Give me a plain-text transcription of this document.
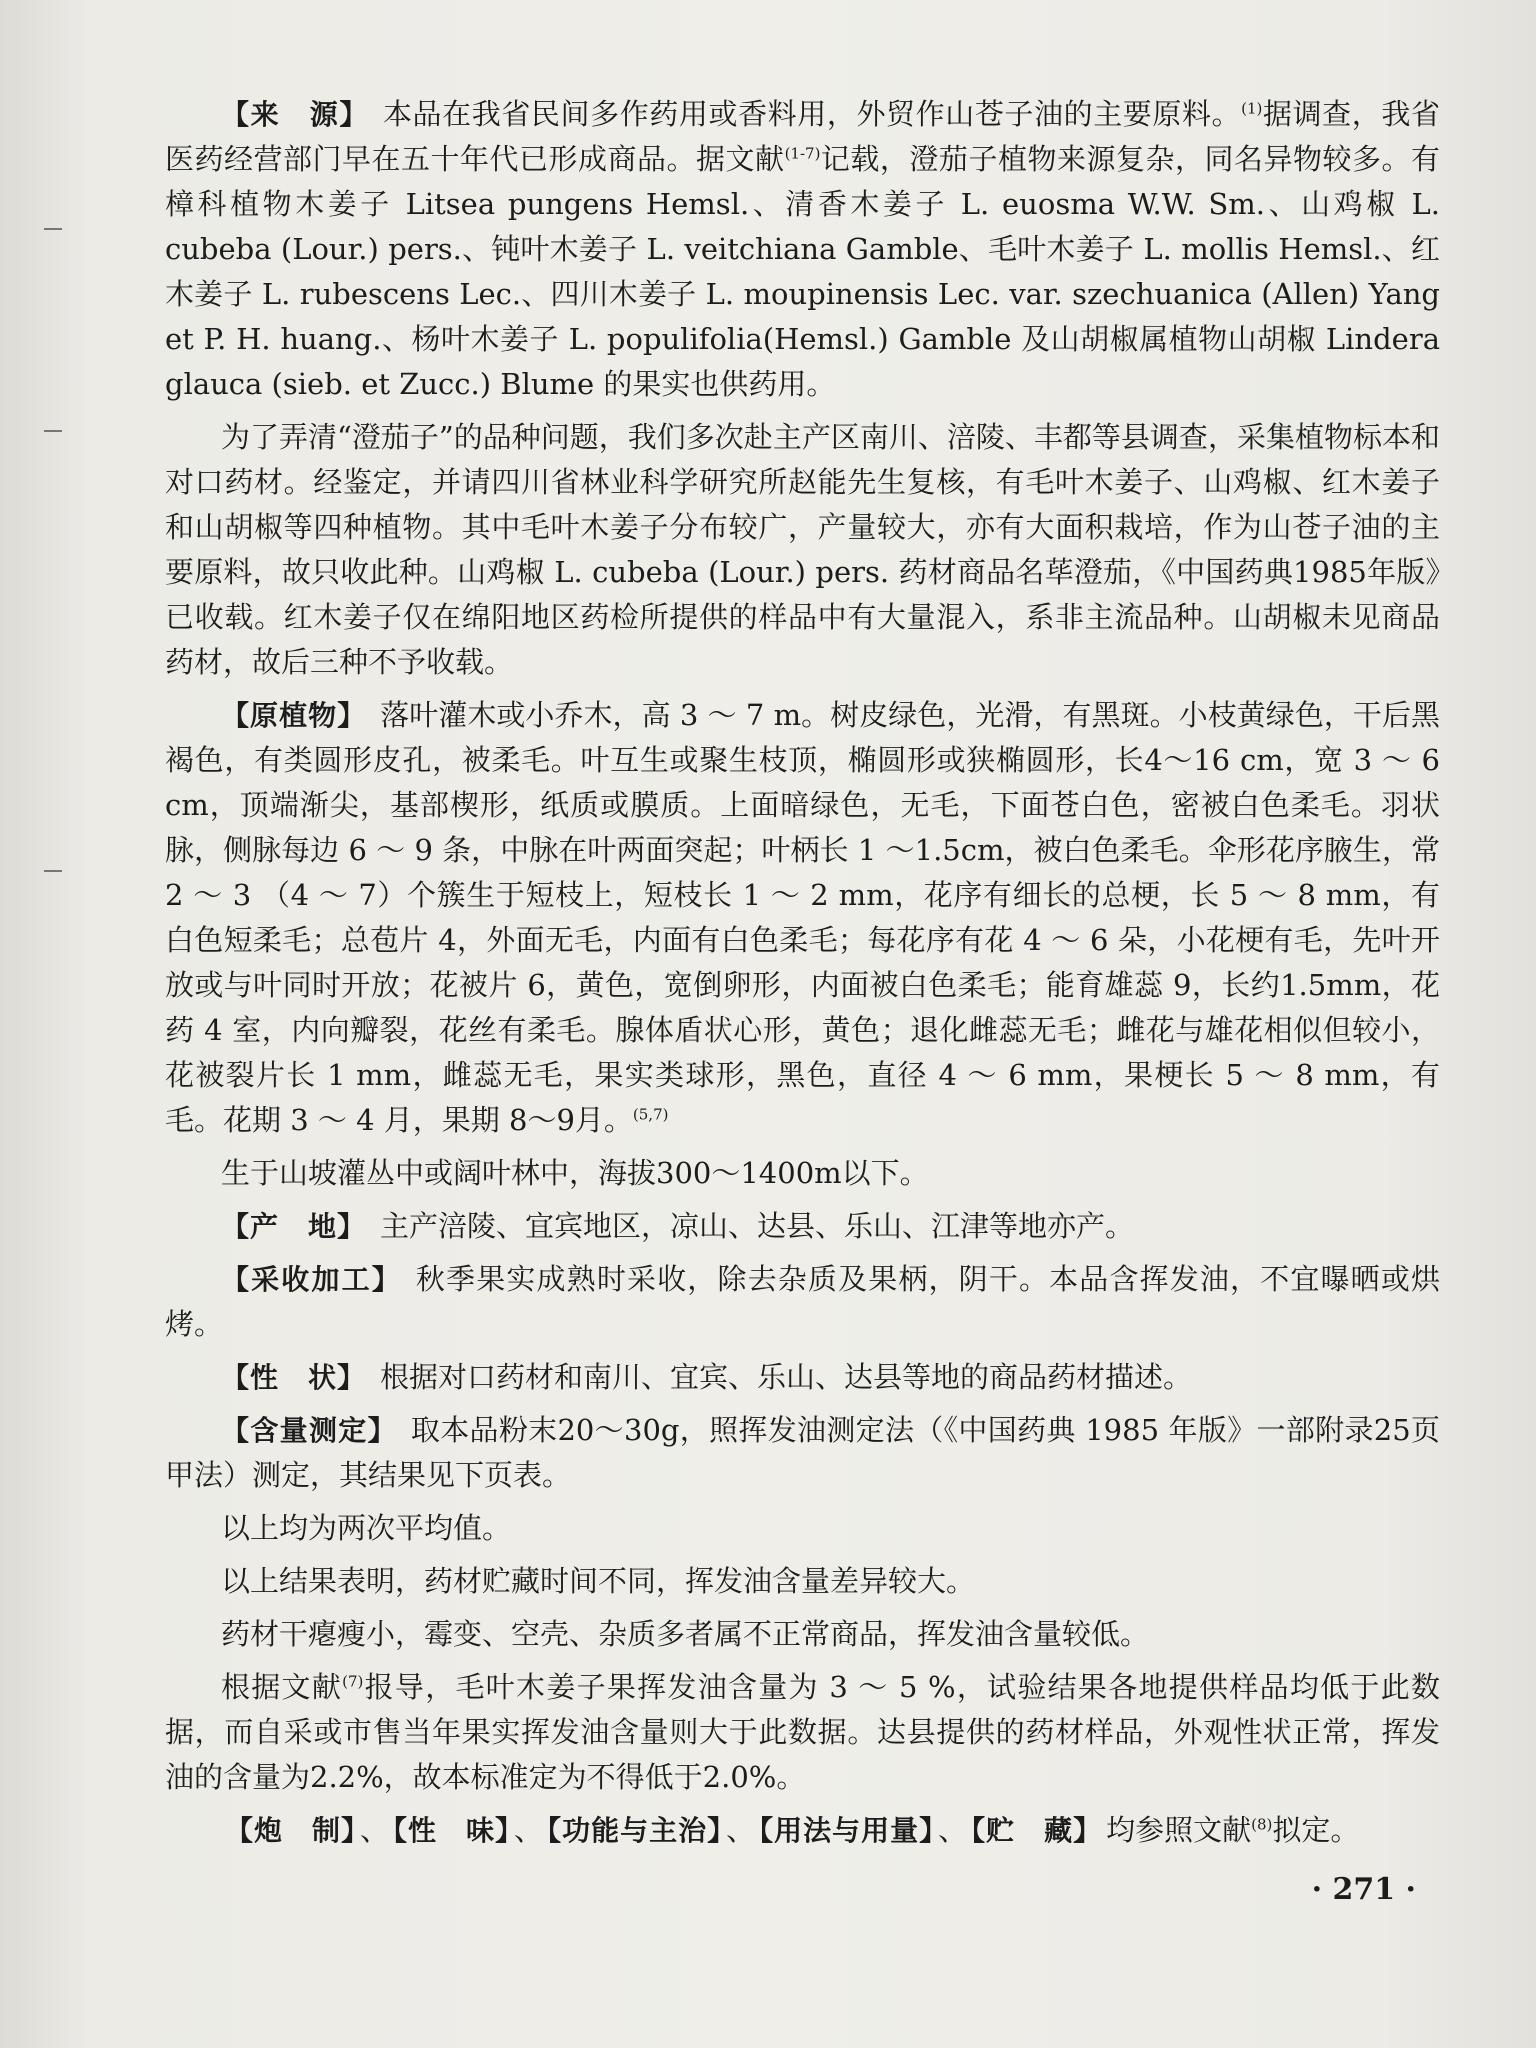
【来　源】 本品在我省民间多作药用或香料用，外贸作山苍子油的主要原料。$^{(1)}$据调查，我省医药经营部门早在五十年代已形成商品。据文献$^{(1-7)}$记载，澄茄子植物来源复杂，同名异物较多。有樟科植物木姜子 Litsea pungens Hemsl.、清香木姜子 L. euosma W.W. Sm.、山鸡椒 L. cubeba (Lour.) pers.、钝叶木姜子 L. veitchiana Gamble、毛叶木姜子 L. mollis Hemsl.、红木姜子 L. rubescens Lec.、四川木姜子 L. moupinensis Lec. var. szechuanica (Allen) Yang et P. H. huang.、杨叶木姜子 L. populifolia(Hemsl.) Gamble 及山胡椒属植物山胡椒 Lindera glauca (sieb. et Zucc.) Blume 的果实也供药用。

为了弄清“澄茄子”的品种问题，我们多次赴主产区南川、涪陵、丰都等县调查，采集植物标本和对口药材。经鉴定，并请四川省林业科学研究所赵能先生复核，有毛叶木姜子、山鸡椒、红木姜子和山胡椒等四种植物。其中毛叶木姜子分布较广，产量较大，亦有大面积栽培，作为山苍子油的主要原料，故只收此种。山鸡椒 L. cubeba (Lour.) pers. 药材商品名荜澄茄，《中国药典1985年版》已收载。红木姜子仅在绵阳地区药检所提供的样品中有大量混入，系非主流品种。山胡椒未见商品药材，故后三种不予收载。

【原植物】 落叶灌木或小乔木，高 3 ～ 7 m。树皮绿色，光滑，有黑斑。小枝黄绿色，干后黑褐色，有类圆形皮孔，被柔毛。叶互生或聚生枝顶，椭圆形或狭椭圆形，长4～16 cm，宽 3 ～ 6 cm，顶端渐尖，基部楔形，纸质或膜质。上面暗绿色，无毛，下面苍白色，密被白色柔毛。羽状脉，侧脉每边 6 ～ 9 条，中脉在叶两面突起；叶柄长 1 ～1.5cm，被白色柔毛。伞形花序腋生，常 2 ～ 3 （4 ～ 7）个簇生于短枝上，短枝长 1 ～ 2 mm，花序有细长的总梗，长 5 ～ 8 mm，有白色短柔毛；总苞片 4，外面无毛，内面有白色柔毛；每花序有花 4 ～ 6 朵，小花梗有毛，先叶开放或与叶同时开放；花被片 6，黄色，宽倒卵形，内面被白色柔毛；能育雄蕊 9，长约1.5mm，花药 4 室，内向瓣裂，花丝有柔毛。腺体盾状心形，黄色；退化雌蕊无毛；雌花与雄花相似但较小，花被裂片长 1 mm，雌蕊无毛，果实类球形，黑色，直径 4 ～ 6 mm，果梗长 5 ～ 8 mm，有毛。花期 3 ～ 4 月，果期 8～9月。$^{(5,7)}$

生于山坡灌丛中或阔叶林中，海拔300～1400m以下。

【产　地】 主产涪陵、宜宾地区，凉山、达县、乐山、江津等地亦产。

【采收加工】 秋季果实成熟时采收，除去杂质及果柄，阴干。本品含挥发油，不宜曝晒或烘烤。

【性　状】 根据对口药材和南川、宜宾、乐山、达县等地的商品药材描述。

【含量测定】 取本品粉末20～30g，照挥发油测定法（《中国药典 1985 年版》一部附录25页甲法）测定，其结果见下页表。

以上均为两次平均值。

以上结果表明，药材贮藏时间不同，挥发油含量差异较大。

药材干瘪瘦小，霉变、空壳、杂质多者属不正常商品，挥发油含量较低。

根据文献$^{(7)}$报导，毛叶木姜子果挥发油含量为 3 ～ 5 %，试验结果各地提供样品均低于此数据，而自采或市售当年果实挥发油含量则大于此数据。达县提供的药材样品，外观性状正常，挥发油的含量为2.2%，故本标准定为不得低于2.0%。

【炮　制】 、 【性　味】 、 【功能与主治】 、 【用法与用量】 、 【贮　藏】 均参照文献$^{(8)}$拟定。

· 271 ·
